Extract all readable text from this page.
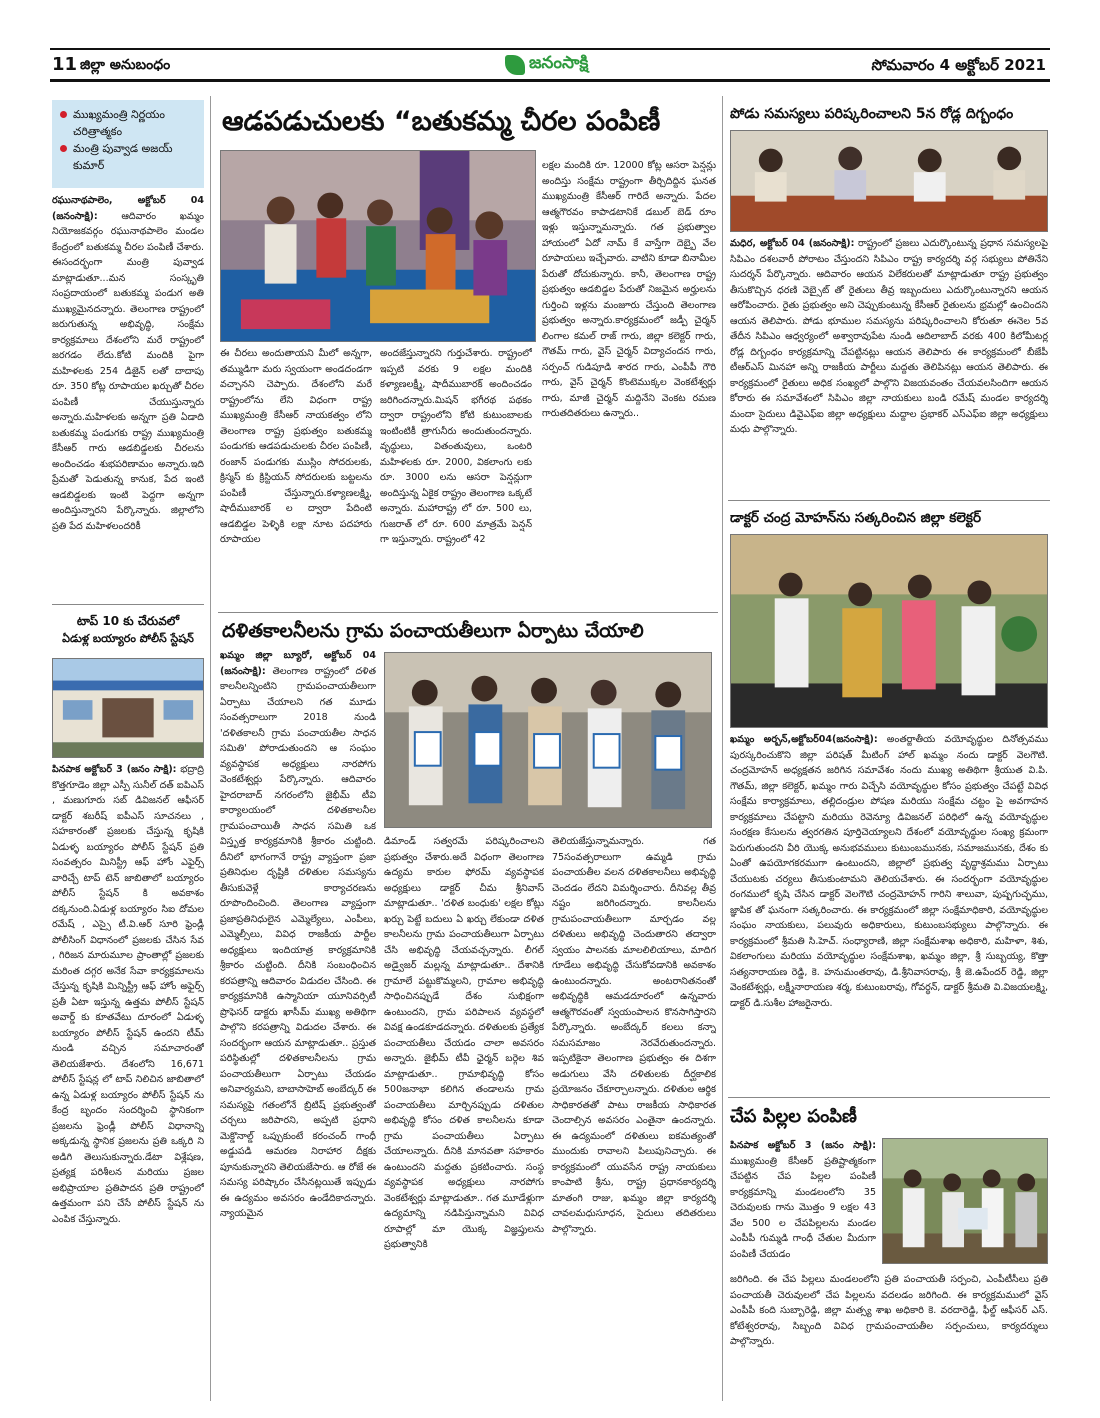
11 జిల్లా అనుబంధం	జనంసాక్షి	సోమవారం 4 అక్టోబర్ 2021
ముఖ్యమంత్రి నిర్ణయం చరిత్రాత్మకం
మంత్రి పువ్వాడ అజయ్ కుమార్
ఆడపడుచులకు “బతుకమ్మ చీరల పంపిణీ
రఘునాథపాలెం, అక్టోబర్ 04 (జనంసాక్షి): ఆదివారం ఖమ్మం నియోజకవర్గం రఘునాథపాలెం మండల కేంద్రంలో బతుకమ్మ చీరల పంపిణీ చేశారు. ఈసందర్భంగా మంత్రి పువ్వాడ మాట్లాడుతూ...మన సంస్కృతి సంప్రదాయంలో బతుకమ్మ పండుగ అతి ముఖ్యమైనదన్నారు. తెలంగాణ రాష్ట్రంలో జరుగుతున్న అభివృద్ధి, సంక్షేమ కార్యక్రమాలు దేశంలోని మరే రాష్ట్రంలో జరగడం లేదు.కోటి మందికి పైగా మహిళలకు 254 డిజైన్ లతో దాదాపు రూ. 350 కోట్ల రూపాయల ఖర్చుతో చీరల పంపిణీ చేయుస్తున్నారు అన్నారు.మహిళలకు అన్నగా ప్రతి ఏడాది బతుకమ్మ పండుగకు రాష్ట్ర ముఖ్యమంత్రి కేసీఆర్ గారు ఆడబిడ్డలకు చీరలను అందించడం శుభపరిణామం అన్నారు.ఇది ప్రేమతో పెడుతున్న కానుక, పేద ఇంటి ఆడబిడ్డలకు ఇంటి పెద్దగా అన్నగా అందిస్తున్నారని పేర్కొన్నారు. జిల్లాలోని ప్రతి పేద మహిళలందరికీ
ఈ చీరలు అందుతాయని మీలో అన్నగా, తమ్ముడిగా మరు స్వయంగా అండదండగా వచ్చానని చెప్పారు. దేశంలోని మరే రాష్ట్రంలోను లేని విధంగా రాష్ట్ర ముఖ్యమంత్రి కేసీఆర్ నాయకత్వం లోని తెలంగాణ రాష్ట్ర ప్రభుత్వం బతుకమ్మ పండుగకు ఆడపడుచులకు చీరల పంపిణీ, రంజాన్ పండుగకు ముస్లిం సోదరులకు, క్రిస్మస్ కు క్రిస్టియన్ సోదరులకు బట్టలను పంపిణీ చేస్తున్నారు.కళ్యాణలక్ష్మి, షాదీముబారక్ ల ద్వారా పేదింటి ఆడబిడ్డల పెళ్ళికి లక్షా నూట పదహారు రూపాయల
అందజేస్తున్నారని గుర్తుచేశారు. రాష్ట్రంలో ఇప్పటి వరకు 9 లక్షల మందికి కళ్యాణలక్ష్మీ, షాదీముబారక్ అందించడం జరిగిందన్నారు.మిషన్ భగీరథ పథకం ద్వారా రాష్ట్రంలోని కోటి కుటుంబాలకు ఇంటింటికీ త్రాగునీరు అందుతుందన్నారు. వృద్ధులు, వితంతువులు, ఒంటరి మహిళలకు రూ. 2000, వికలాంగు లకు రూ. 3000 లను ఆసరా పెన్షన్లుగా అందిస్తున్న ఏకైక రాష్ట్రం తెలంగాణ ఒక్కటే అన్నారు. మహారాష్ట్ర లో రూ. 500 లు, గుజరాత్ లో రూ. 600 మాత్రమే పెన్షన్ గా ఇస్తున్నారు. రాష్ట్రంలో 42
లక్షల మందికి రూ. 12000 కోట్ల ఆసరా పెన్షన్లు అందిస్తు సంక్షేమ రాష్ట్రంగా తీర్చిదిద్దిన ఘనత ముఖ్యమంత్రి కేసీఆర్ గారిదే అన్నారు. పేదల ఆత్మగౌరవం కాపాడటానికే డబుల్ బెడ్ రూం ఇళ్లు ఇస్తున్నామన్నారు. గత ప్రభుత్వాల హాయంలో ఏదో నామ్ కే వాస్తేగా దెబ్బై వేల రూపాయలు ఇచ్చేవారు. వాటిని కూడా బినామీల పేరుతో దోచుకున్నారు. కానీ, తెలంగాణ రాష్ట్ర ప్రభుత్వం ఆడబిడ్డల పేరుతో నిజమైన అర్హులను గుర్తించి ఇళ్లను మంజూరు చేస్తుంది తెలంగాణ ప్రభుత్వం అన్నారు.కార్యక్రమంలో జడ్పీ చైర్మన్ లింగాల కమల్ రాజ్ గారు, జిల్లా కలెక్టర్ గారు, గౌతమ్ గారు, వైస్ చైర్మన్ విద్యాచందన గారు, సర్పంచ్ గుడిపూడి శారద గారు, ఎంపీపీ గౌరి గారు, వైస్ చైర్మన్ కొంటెముక్కల వెంకటేశ్వర్లు గారు, మాజీ చైర్మన్ మద్దినేని వెంకట రమణ గారుతదితరులు ఉన్నారు..
టాప్ 10 కు చేరువలో
ఏడుళ్ల బయ్యారం పోలీస్ స్టేషన్
పినపాక అక్టోబర్ 3 (జనం సాక్షి): భద్రాద్రి కొత్తగూడెం జిల్లా ఎస్పీ సునీల్ దత్ ఐపిఎస్ , మణుగూరు సబ్ డివిజనల్ ఆఫీసర్ డాక్టర్ శబరీష్ ఐపీఎస్ సూచనలు , సహకారంతో ప్రజలకు చేస్తున్న కృషికి ఏడుళ్ళ బయ్యారం పోలీస్ స్టేషన్ ప్రతి సంవత్సరం మినిస్ట్రీ ఆఫ్ హోం ఎఫైర్స్ వారిచ్చే టాప్ టెన్ జాబితాలో బయ్యారం పోలీస్ స్టేషన్ కి అవకాశం దక్కనుంది.ఏడుళ్ల బయ్యారం సిఐ దోమల రమేష్ , ఎస్సై టీ.వి.ఆర్ సూరి ఫ్రెండ్లీ పోలీసింగ్ విధానంలో ప్రజలకు చేసిన సేవ , గిరిజన మారుమూల ప్రాంతాల్లో ప్రజలకు మరింత దగ్గర అనేక సేవా కార్యక్రమాలను చేస్తున్న కృషికి మిన్నిస్ట్రీ ఆఫ్ హోం అఫైర్స్ ప్రతీ ఏటా ఇస్తున్న ఉత్తమ పోలీస్ స్టేషన్ అవార్డ్ కు కూతవేటు దూరంలో ఏడుళ్ళ బయ్యారం పోలీస్ స్టేషన్ ఉందని టీమ్ నుండి వచ్చిన సమాచారంతో తెలియజేశారు. దేశంలోని 16,671 పోలీస్ స్టేషన్ల లో టాప్ నిలిచిన జాబితాలో ఉన్న ఏడుళ్ల బయ్యారం పోలీస్ స్టేషన్ ను కేంద్ర బృందం సందర్శించి స్థానికంగా ప్రజలను ఫ్రెండ్లీ పోలీస్ విధానాన్ని అక్కడున్న స్థానిక ప్రజలను ప్రతి ఒక్కరి ని అడిగి తెలుసుకున్నారు.డేటా విశ్లేషణ, ప్రత్యక్ష పరిశీలన మరియు ప్రజల అభిప్రాయాల ప్రతిపాదన ప్రతి రాష్ట్రంలో ఉత్తమంగా పని చేసే పోలీస్ స్టేషన్ ను ఎంపిక చేస్తున్నారు.
దళితకాలనీలను గ్రామ పంచాయతీలుగా ఏర్పాటు చేయాలి
ఖమ్మం జిల్లా బ్యూరో, అక్టోబర్ 04 (జనంసాక్షి): తెలంగాణ రాష్ట్రంలో దళిత కాలనీలన్నింటిని గ్రామపంచాయతీలుగా ఏర్పాటు చేయాలని గత మూడు సంవత్సరాలుగా 2018 నుండి 'దళితకాలనీ గ్రామ పంచాయతీల సాధన సమితి' పోరాడుతుందని ఆ సంఘం వ్యవస్థాపక అధ్యక్షులు నారపోగు వెంకటేశ్వర్లు పేర్కొన్నారు. ఆదివారం హైదరాబాద్ నగరంలోని జైభీమ్ టీవి కార్యాలయంలో దళితకాలనీల గ్రామపంచాయితీ సాధన సమితి ఒక విస్తృత్త కార్యక్రమానికి శ్రీకారం చుట్టింది. దీనిలో భాగంగానే రాష్ట్ర వ్యాప్తంగా ప్రజా ప్రతినిధుల దృష్టికి దళితుల సమస్యను తీసుకువెళ్లే కార్యాచరణను రూపొందించింది. తెలంగాణ వ్యాప్తంగా ప్రజాప్రతినిధులైన ఎమ్మెల్యేలు, ఎంపీలు, ఎమ్మెల్సీలు, వివిధ రాజకీయ పార్టీల అధ్యక్షులు ఇందియాత్ర కార్యక్రమానికి శ్రీకారం చుట్టింది. దీనికి సంబంధించిన కరపత్రాన్ని ఆదివారం విడుదల చేసింది. ఈ కార్యక్రమానికి ఉస్మానియా యూనివర్సిటీ ప్రొఫెసర్ డాక్టరు ఖాసీమ్ ముఖ్య అతిథిగా పాల్గొని కరపత్రాన్ని విడుదల చేశారు. ఈ సందర్భంగా ఆయన మాట్లాడుతూ.. ప్రస్తుత పరిస్థితుల్లో దళితకాలనీలను గ్రామ పంచాయతీలుగా ఏర్పాటు చేయడం అనివార్యమని, బాబాసాహెబ్ అంబేద్కర్ ఈ సమస్యపై గతంలోనే బ్రిటిష్ ప్రభుత్వంతో చర్చలు జరిపారని, అప్పటి ప్రధాని మెక్డొనాల్డ్ ఒప్పుకుంటే కరంచంద్ గాంధీ అడ్డుపడి ఆమరణ నిరాహార దీక్షకు పూనుకున్నారని తెలియజేసారు. ఆ రోజే ఈ సమస్య పరిష్కారం చేసినట్లయితే ఇప్పుడు ఈ ఉద్యమం అవసరం ఉండేదికాదన్నారు. న్యాయమైన
డిమాండ్ సత్వరమే పరిష్కరించాలని ప్రభుత్వం చేశారు.అదే విధంగా తెలంగాణ ఉద్యమ కారుల ఫోరమ్ వ్యవస్థాపక అధ్యక్షులు డాక్టర్ చీమ శ్రీనివాస్ మాట్లాడుతూ.. 'దళిత బంధుకు' లక్షల కోట్లు ఖర్చు పెట్టే బదులు ఏ ఖర్చు లేకుండా దళిత కాలనీలను గ్రామ పంచాయతీలుగా ఏర్పాటు చేసి అభివృద్ధి చేయవచ్చన్నారు. లీగల్ అడ్వైజర్ మల్లన్న మాట్లాడుతూ.. దేశానికి గ్రామాలే పట్టుకొమ్మలని, గ్రామాల అభివృద్ధి సాధించినప్పుడే దేశం సుభిక్షంగా ఉంటుందని, గ్రామ పరిపాలన వ్యవస్థలో వివక్ష ఉండకూడదన్నారు. దళితులకు ప్రత్యేక పంచాయతీలు చేయడం చాలా అవసరం అన్నారు. జైభీమ్ టీవీ ఛైర్మన్ బర్గెల శివ మాట్లాడుతూ.. గ్రామాభివృద్ధి కోసం 500జనాభా కలిగిన తండాలను గ్రామ పంచాయతీలు మార్చినప్పుడు దళితుల అభివృద్ధి కోసం దళిత కాలనీలను కూడా గ్రామ పంచాయతీలు ఏర్పాటు చేయాలన్నారు. దీనికి మానవతా సహకారం ఉంటుందని మద్దతు ప్రకటించారు. సంస్థ వ్యవస్థాపక అధ్యక్షులు నారపోగు వెంకటేశ్వర్లు మాట్లాడుతూ.. గత మూడేళ్లుగా ఉద్యమాన్ని నడిపిస్తున్నామని వివిధ రూపాల్లో మా యొక్క విజ్ఞప్తులను ప్రభుత్వానికి
తెలియజేస్తున్నామన్నారు. గత 75సంవత్సరాలుగా ఉమ్మడి గ్రామ పంచాయతీల వలన దళితకాలనీలు అభివృద్ధి చెందడం లేదని విమర్శించారు. దీనివల్ల తీవ్ర నష్టం జరిగిందన్నారు. కాలనీలను గ్రామపంచాయతీలుగా మార్చడం వల్ల దళితులు అభివృద్ధి చెందుతారని తద్వారా స్వయం పాలనకు మాలలిలియాలు, మాదిగ గూడేలు అభివృద్ధి చేసుకోవడానికి అవకాశం ఉంటుందన్నారు. అంటరానితనంతో అభివృద్ధికి ఆమడదూరంలో ఉన్నవారు ఆత్మగౌరవంతో స్వయంపాలన కొనసాగిస్తారని పేర్కొన్నారు. అంబేద్కర్ కలలు కన్నా సమసమాజం నెరవేరుతుందన్నారు. ఇప్పటికైనా తెలంగాణ ప్రభుత్వం ఈ దిశగా అడుగులు వేసి దళితులకు దీర్ఘకాలిక ప్రయోజనం చేకూర్చాలన్నారు. దళితుల ఆర్థిక సాధికారతతో పాటు రాజకీయ సాధికారత చెందాల్సిన అవసరం ఎంతైనా ఉందన్నారు. ఈ ఉద్యమంలో దళితులు ఐకమత్యంతో ముందుకు రావాలని పిలుపునిచ్చారు. ఈ కార్యక్రమంలో యువసేన రాష్ట్ర నాయకులు కాంపాటి శ్రీను, రాష్ట్ర ప్రధానకార్యదర్శి మాతంగి రాజు, ఖమ్మం జిల్లా కార్యదర్శి చావలమధుసూధన, సైదులు తదితరులు పాల్గొన్నారు.
పోడు సమస్యలు పరిష్కరించాలని 5న రోడ్ల దిగ్బంధం
మధిర, అక్టోబర్ 04 (జనంసాక్షి): రాష్ట్రంలో ప్రజలు ఎదుర్కొంటున్న ప్రధాన సమస్యలపై సిపిఎం దశలవారీ పోరాటం చేస్తుందని సిపిఎం రాష్ట్ర కార్యదర్శి వర్గ సభ్యులు పోతినేని సుదర్శన్ పేర్కొన్నారు. ఆదివారం ఆయన విలేకరులతో మాట్లాడుతూ రాష్ట్ర ప్రభుత్వం తీసుకొచ్చిన ధరణి వెబ్సైట్ తో రైతులు తీవ్ర ఇబ్బందులు ఎదుర్కొంటున్నారని ఆయన ఆరోపించారు. రైతు ప్రభుత్వం అని చెప్పుకుంటున్న కేసీఆర్ రైతులను భ్రమల్లో ఉంచిందని ఆయన తెలిపారు. పోడు భూముల సమస్యను పరిష్కరించాలని కోరుతూ ఈనెల 5వ తేదీన సిపిఎం ఆధ్వర్యంలో అశ్వారావుపేట నుండి ఆదిలాబాద్ వరకు 400 కిలోమీటర్ల రోడ్ల దిగ్బంధం కార్యక్రమాన్ని చేపట్టినట్లు ఆయన తెలిపారు ఈ కార్యక్రమంలో బీజేపీ టీఆర్ఎస్ మినహా అన్ని రాజకీయ పార్టీలు మద్దతు తెలిపినట్లు ఆయన తెలిపారు. ఈ కార్యక్రమంలో రైతులు అధిక సంఖ్యలో పాల్గొని విజయవంతం చేయవలసిందిగా ఆయన కోరారు ఈ సమావేశంలో సిపిఎం జిల్లా నాయకులు బండి రమేష్ మండల కార్యదర్శి మందా సైదులు డివైఎఫ్ఐ జిల్లా అధ్యక్షులు మద్దాల ప్రభాకర్ ఎస్ఎఫ్ఐ జిల్లా అధ్యక్షులు మధు పాల్గొన్నారు.
డాక్టర్ చంద్ర మోహన్‌ను సత్కరించిన జిల్లా కలెక్టర్
ఖమ్మం అర్బన్,అక్టోబర్04(జనంసాక్షి): అంతర్జాతీయ వయోవృద్ధుల దినోత్సవము పురస్కరించుకొని జిల్లా పరిషత్ మీటింగ్ హాల్ ఖమ్మం నందు డాక్టర్ వెలగౌటి. చంద్రమోహన్ అధ్యక్షతన జరిగిన సమావేశం నందు ముఖ్య అతిథిగా శ్రీయుత వి.పి. గౌతమ్, జిల్లా కలెక్టర్, ఖమ్మం గారు విచ్చేసి వయోవృద్ధుల కోసం ప్రభుత్వం చేపట్టే వివిధ సంక్షేమ కార్యాక్రమాలు, తల్లిదండ్రుల పోషణ మరియు సంక్షేమ చట్టం పై అవగాహన కార్యక్రమాలు చేపట్టాని మరియు రెవెన్యూ డివిజనల్ పరిధిలో ఉన్న వయోవృద్ధుల సంరక్షణ కేసులను త్వరగతిన పూర్తిచెయ్యాలని దేశంలో వయోవృద్ధుల సంఖ్య క్రమంగా పెరుగుతుందని వీరి యొక్క అనుభవములు కుటుంబమునకు, సమాజమునకు, దేశం కు ఏంతో ఉపయోగకరముగా ఉంటుందని, జిల్లాలో ప్రభుత్వ వృద్ధాశ్రమము ఏర్పాటు చేయుటకు చర్యలు తీసుకుంటామని తెలియచేశారు. ఈ సందర్భంగా వయోవృద్ధుల రంగములో కృషి చేసిన డాక్టర్ వెలగౌటి చంద్రమోహన్ గారిని శాలువా, పుష్పగుచ్ఛము, జ్ఞాపిక తో ఘనంగా సత్కరించారు. ఈ కార్యక్రమంలో జిల్లా సంక్షేమాధికారి, వయోవృద్ధుల సంఘం నాయకులు, పలువురు అధికారులు, కుటుంబసభ్యులు పాల్గొన్నారు. ఈ కార్యక్రమంలో శ్రీమతి సి.హెచ్. సంధ్యారాణి, జిల్లా సంక్షేమశాఖ అధికారి, మహిళా, శిశు, వికలాంగులు మరియు వయోవృద్ధుల సంక్షేమశాఖ, ఖమ్మం జిల్లా, శ్రీ సుబ్బయ్య, కొత్తా సత్యనారాయణ రెడ్డి, కె. హనుమంతరావు, డి.శ్రీనివాసరావు, శ్రీ జె.ఉపేందర్ రెడ్డి, జిల్లా వెంకటేశ్వర్లు, లక్ష్మీనారాయణ శర్మ, కుటుంబరావు, గోవర్ధన్, డాక్టర్ శ్రీమతి వి.విజయలక్ష్మి, డాక్టర్ డి.సుశీల హాజరైనారు.
చేప పిల్లల పంపిణీ
పినపాక అక్టోబర్ 3 (జనం సాక్షి): ముఖ్యమంత్రి కేసీఆర్ ప్రతిష్టాత్మకంగా చేపట్టిన చేప పిల్లల పంపిణీ కార్యక్రమాన్ని మండలంలోని 35 చెరువులకు గాను మొత్తం 9 లక్షల 43 వేల 500 ల చేపపిల్లలను మండల ఎంపీపీ గుమ్మడి గాంధీ చేతుల మీదుగా పంపిణీ చేయడం
జరిగింది. ఈ చేప పిల్లలు మండలంలోని ప్రతి పంచాయతీ సర్పంచి, ఎంపీటీసీలు ప్రతి పంచాయతీ చెరువులలో చేప పిల్లలను వదలడం జరిగింది. ఈ కార్యక్రమములో వైస్ ఎంపీపీ కంది సుబ్బారెడ్డి, జిల్లా మత్స్య శాఖ అధికారి కె. వరదారెడ్డి, ఫీల్డ్ ఆఫీసర్ ఎస్. కోటేశ్వరరావు, సిబ్బంది వివిధ గ్రామపంచాయతీల సర్పంచులు, కార్యదర్శులు పాల్గొన్నారు.
